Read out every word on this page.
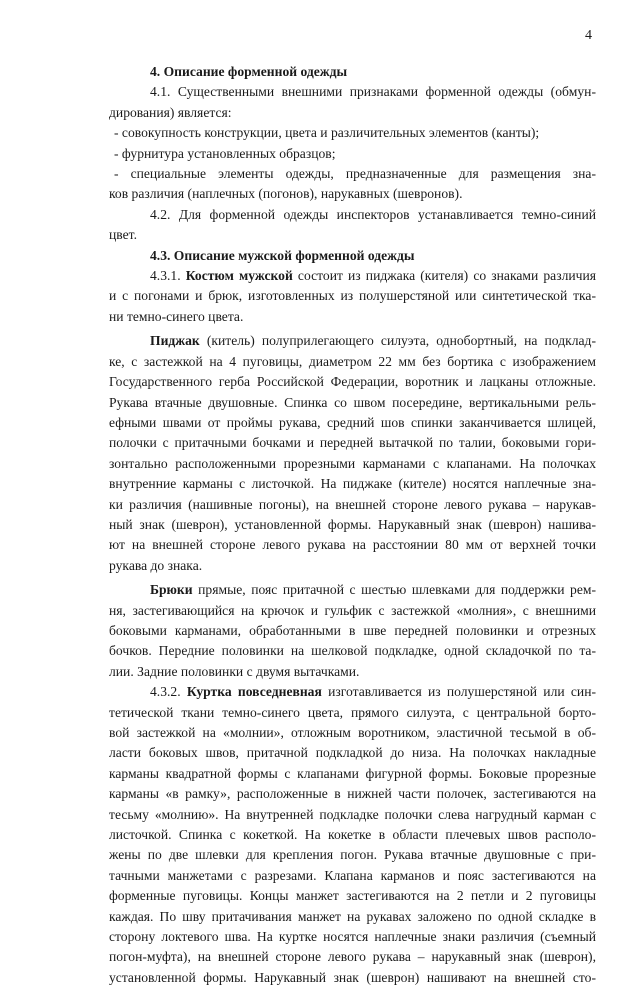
4

4. Описание форменной одежды

4.1. Существенными внешними признаками форменной одежды (обмун-

дирования) является:

- совокупность конструкции, цвета и различительных элементов (канты);

- фурнитура установленных образцов;

- специальные элементы одежды, предназначенные для размещения зна-

ков различия (наплечных (погонов), нарукавных (шевронов).

4.2. Для форменной одежды инспекторов устанавливается темно-синий

цвет.

4.3. Описание мужской форменной одежды

4.3.1. Костюм мужской состоит из пиджака (кителя) со знаками различия

и с погонами и брюк, изготовленных из полушерстяной или синтетической тка-

ни темно-синего цвета.

Пиджак (китель) полуприлегающего силуэта, однобортный, на подклад-

ке, с застежкой на 4 пуговицы, диаметром 22 мм без бортика с изображением

Государственного герба Российской Федерации, воротник и лацканы отложные.

Рукава втачные двушовные. Спинка со швом посередине, вертикальными рель-

ефными швами от проймы рукава, средний шов спинки заканчивается шлицей,

полочки с притачными бочками и передней вытачкой по талии, боковыми гори-

зонтально расположенными прорезными карманами с клапанами. На полочках

внутренние карманы с листочкой. На пиджаке (кителе) носятся наплечные зна-

ки различия (нашивные погоны), на внешней стороне левого рукава – нарукав-

ный знак (шеврон), установленной формы. Нарукавный знак (шеврон) нашива-

ют на внешней стороне левого рукава на расстоянии 80 мм от верхней точки

рукава до знака.

Брюки прямые, пояс притачной с шестью шлевками для поддержки рем-

ня, застегивающийся на крючок и гульфик с застежкой «молния», с внешними

боковыми карманами, обработанными в шве передней половинки и отрезных

бочков. Передние половинки на шелковой подкладке, одной складочкой по та-

лии. Задние половинки с двумя вытачками.

4.3.2. Куртка повседневная изготавливается из полушерстяной или син-

тетической ткани темно-синего цвета, прямого силуэта, с центральной борто-

вой застежкой на «молнии», отложным воротником, эластичной тесьмой в об-

ласти боковых швов, притачной подкладкой до низа. На полочках накладные

карманы квадратной формы с клапанами фигурной формы. Боковые прорезные

карманы «в рамку», расположенные в нижней части полочек, застегиваются на

тесьму «молнию». На внутренней подкладке полочки слева нагрудный карман с

листочкой. Спинка с кокеткой. На кокетке в области плечевых швов располо-

жены по две шлевки для крепления погон. Рукава втачные двушовные с при-

тачными манжетами с разрезами. Клапана карманов и пояс застегиваются на

форменные пуговицы. Концы манжет застегиваются на 2 петли и 2 пуговицы

каждая. По шву притачивания манжет на рукавах заложено по одной складке в

сторону локтевого шва. На куртке носятся наплечные знаки различия (съемный

погон-муфта), на внешней стороне левого рукава – нарукавный знак (шеврон),

установленной формы. Нарукавный знак (шеврон) нашивают на внешней сто-
